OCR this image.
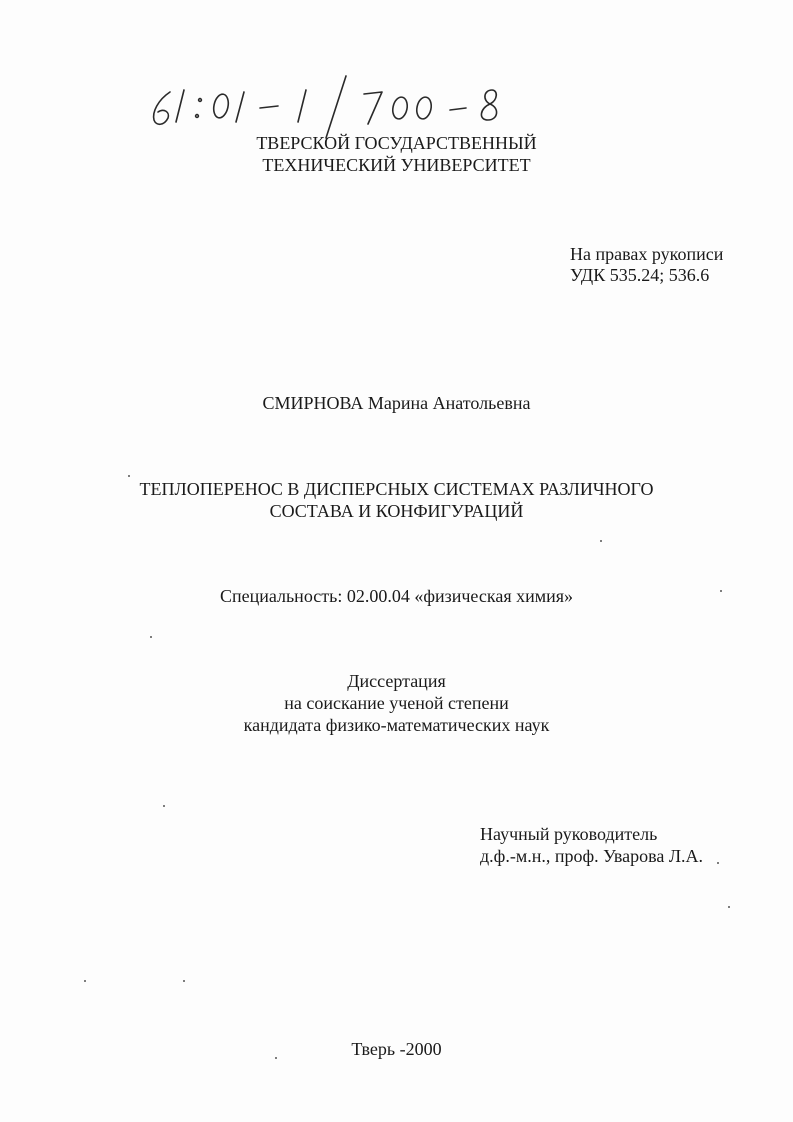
ТВЕРСКОЙ ГОСУДАРСТВЕННЫЙ
ТЕХНИЧЕСКИЙ УНИВЕРСИТЕТ
На правах рукописи
УДК 535.24; 536.6
СМИРНОВА Марина Анатольевна
ТЕПЛОПЕРЕНОС В ДИСПЕРСНЫХ СИСТЕМАХ РАЗЛИЧНОГО
СОСТАВА И КОНФИГУРАЦИЙ
Специальность: 02.00.04 «физическая химия»
Диссертация
на соискание ученой степени
кандидата физико-математических наук
Научный руководитель
д.ф.-м.н., проф. Уварова Л.А.
Тверь -2000
